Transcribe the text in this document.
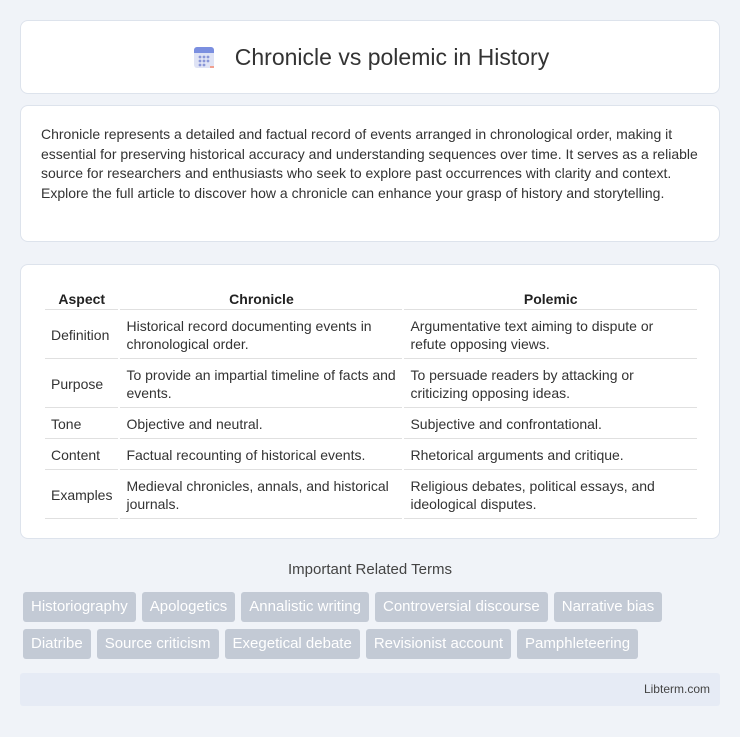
Chronicle vs polemic in History

Chronicle represents a detailed and factual record of events arranged in chronological order, making it essential for preserving historical accuracy and understanding sequences over time. It serves as a reliable source for researchers and enthusiasts who seek to explore past occurrences with clarity and context. Explore the full article to discover how a chronicle can enhance your grasp of history and storytelling.

Aspect	Chronicle	Polemic
Definition	Historical record documenting events in chronological order.	Argumentative text aiming to dispute or refute opposing views.
Purpose	To provide an impartial timeline of facts and events.	To persuade readers by attacking or criticizing opposing ideas.
Tone	Objective and neutral.	Subjective and confrontational.
Content	Factual recounting of historical events.	Rhetorical arguments and critique.
Examples	Medieval chronicles, annals, and historical journals.	Religious debates, political essays, and ideological disputes.
Important Related Terms
Historiography	Apologetics	Annalistic writing	Controversial discourse	Narrative bias
Diatribe	Source criticism	Exegetical debate	Revisionist account	Pamphleteering
Libterm.com
